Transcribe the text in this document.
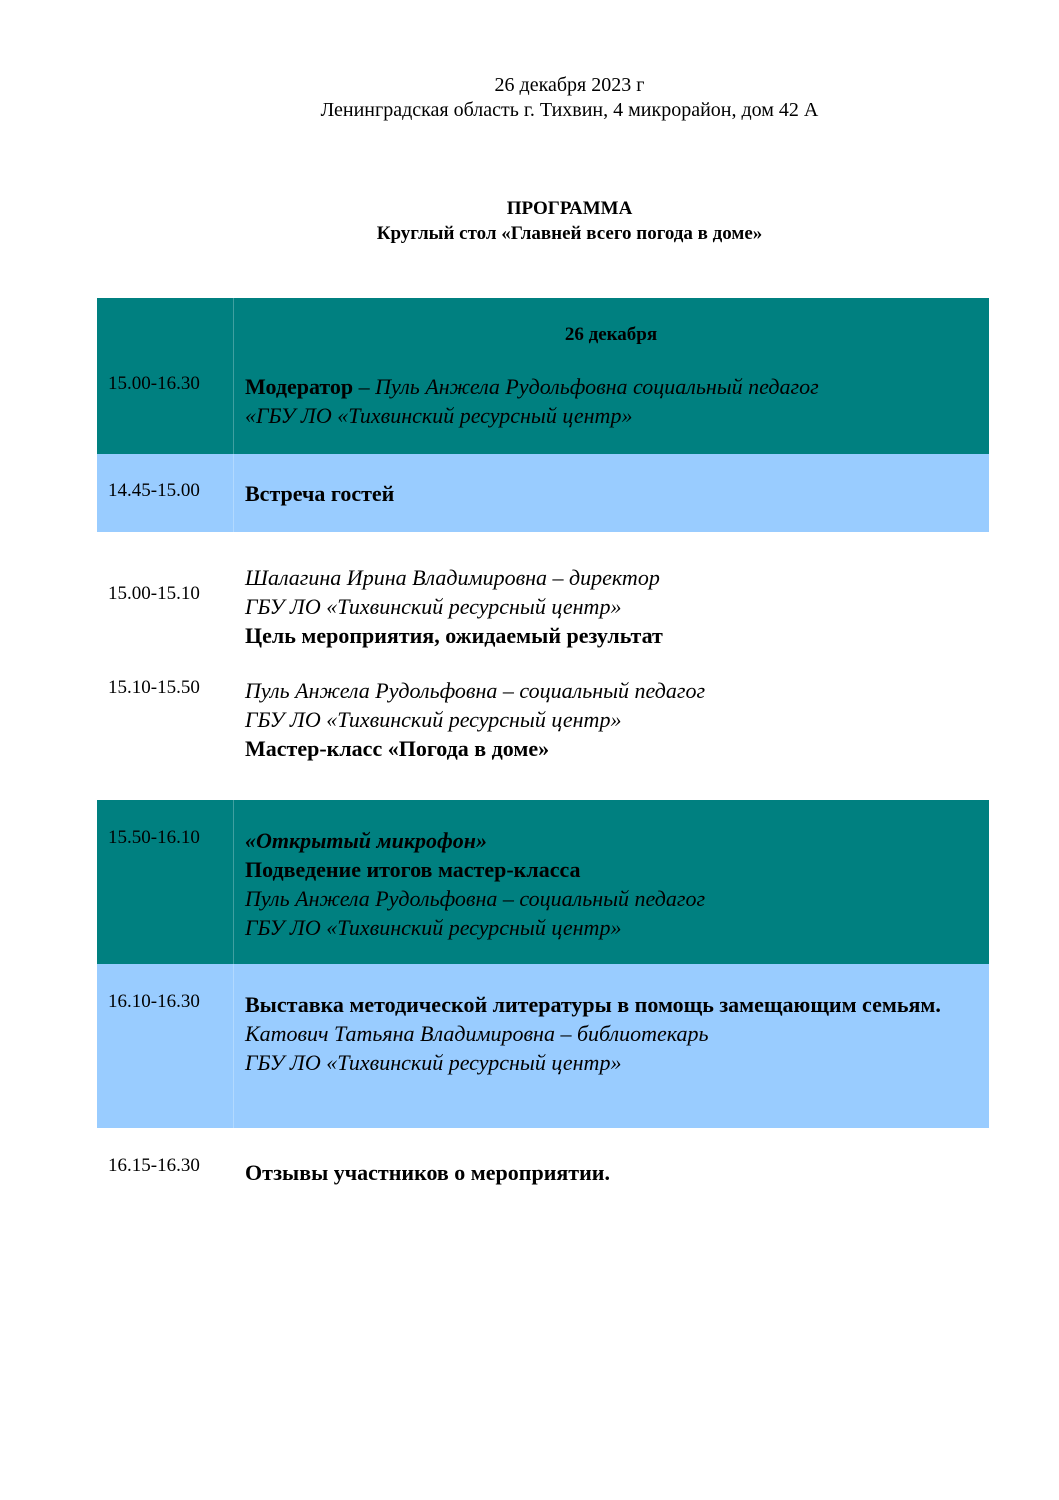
26 декабря 2023 г
Ленинградская область г. Тихвин, 4 микрорайон, дом 42 А
ПРОГРАММА
Круглый стол «Главней всего погода в доме»
26 декабря
15.00-16.30 Модератор – Пуль Анжела Рудольфовна социальный педагог
«ГБУ ЛО «Тихвинский ресурсный центр»
14.45-15.00 Встреча гостей
15.00-15.10
Шалагина Ирина Владимировна – директор
ГБУ ЛО «Тихвинский ресурсный центр»
Цель мероприятия, ожидаемый результат
15.10-15.50 Пуль Анжела Рудольфовна – социальный педагог
ГБУ ЛО «Тихвинский ресурсный центр»
Мастер-класс «Погода в доме»
15.50-16.10 «Открытый микрофон»
Подведение итогов мастер-класса
Пуль Анжела Рудольфовна – социальный педагог
ГБУ ЛО «Тихвинский ресурсный центр»
16.10-16.30 Выставка методической литературы в помощь замещающим семьям.
Катович Татьяна Владимировна – библиотекарь
ГБУ ЛО «Тихвинский ресурсный центр»
16.15-16.30 Отзывы участников о мероприятии.
